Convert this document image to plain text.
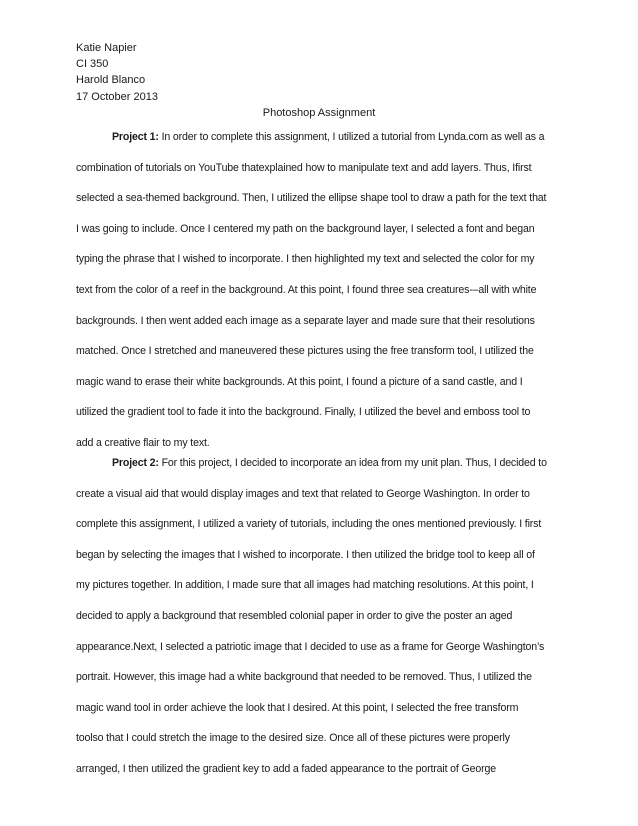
Katie Napier
CI 350
Harold Blanco
17 October 2013
Photoshop Assignment
Project 1: In order to complete this assignment, I utilized a tutorial from Lynda.com as well as a
combination of tutorials on YouTube thatexplained how to manipulate text and add layers. Thus, Ifirst
selected a sea-themed background. Then, I utilized the ellipse shape tool to draw a path for the text that
I was going to include. Once I centered my path on the background layer, I selected a font and began
typing the phrase that I wished to incorporate. I then highlighted my text and selected the color for my
text from the color of a reef in the background. At this point, I found three sea creatures-–all with white
backgrounds. I then went added each image as a separate layer and made sure that their resolutions
matched. Once I stretched and maneuvered these pictures using the free transform tool, I utilized the
magic wand to erase their white backgrounds. At this point, I found a picture of a sand castle, and I
utilized the gradient tool to fade it into the background. Finally, I utilized the bevel and emboss tool to
add a creative flair to my text.
Project 2: For this project, I decided to incorporate an idea from my unit plan. Thus, I decided to
create a visual aid that would display images and text that related to George Washington. In order to
complete this assignment, I utilized a variety of tutorials, including the ones mentioned previously. I first
began by selecting the images that I wished to incorporate. I then utilized the bridge tool to keep all of
my pictures together. In addition, I made sure that all images had matching resolutions. At this point, I
decided to apply a background that resembled colonial paper in order to give the poster an aged
appearance.Next, I selected a patriotic image that I decided to use as a frame for George Washington’s
portrait. However, this image had a white background that needed to be removed. Thus, I utilized the
magic wand tool in order achieve the look that I desired. At this point, I selected the free transform
toolso that I could stretch the image to the desired size. Once all of these pictures were properly
arranged, I then utilized the gradient key to add a faded appearance to the portrait of George
